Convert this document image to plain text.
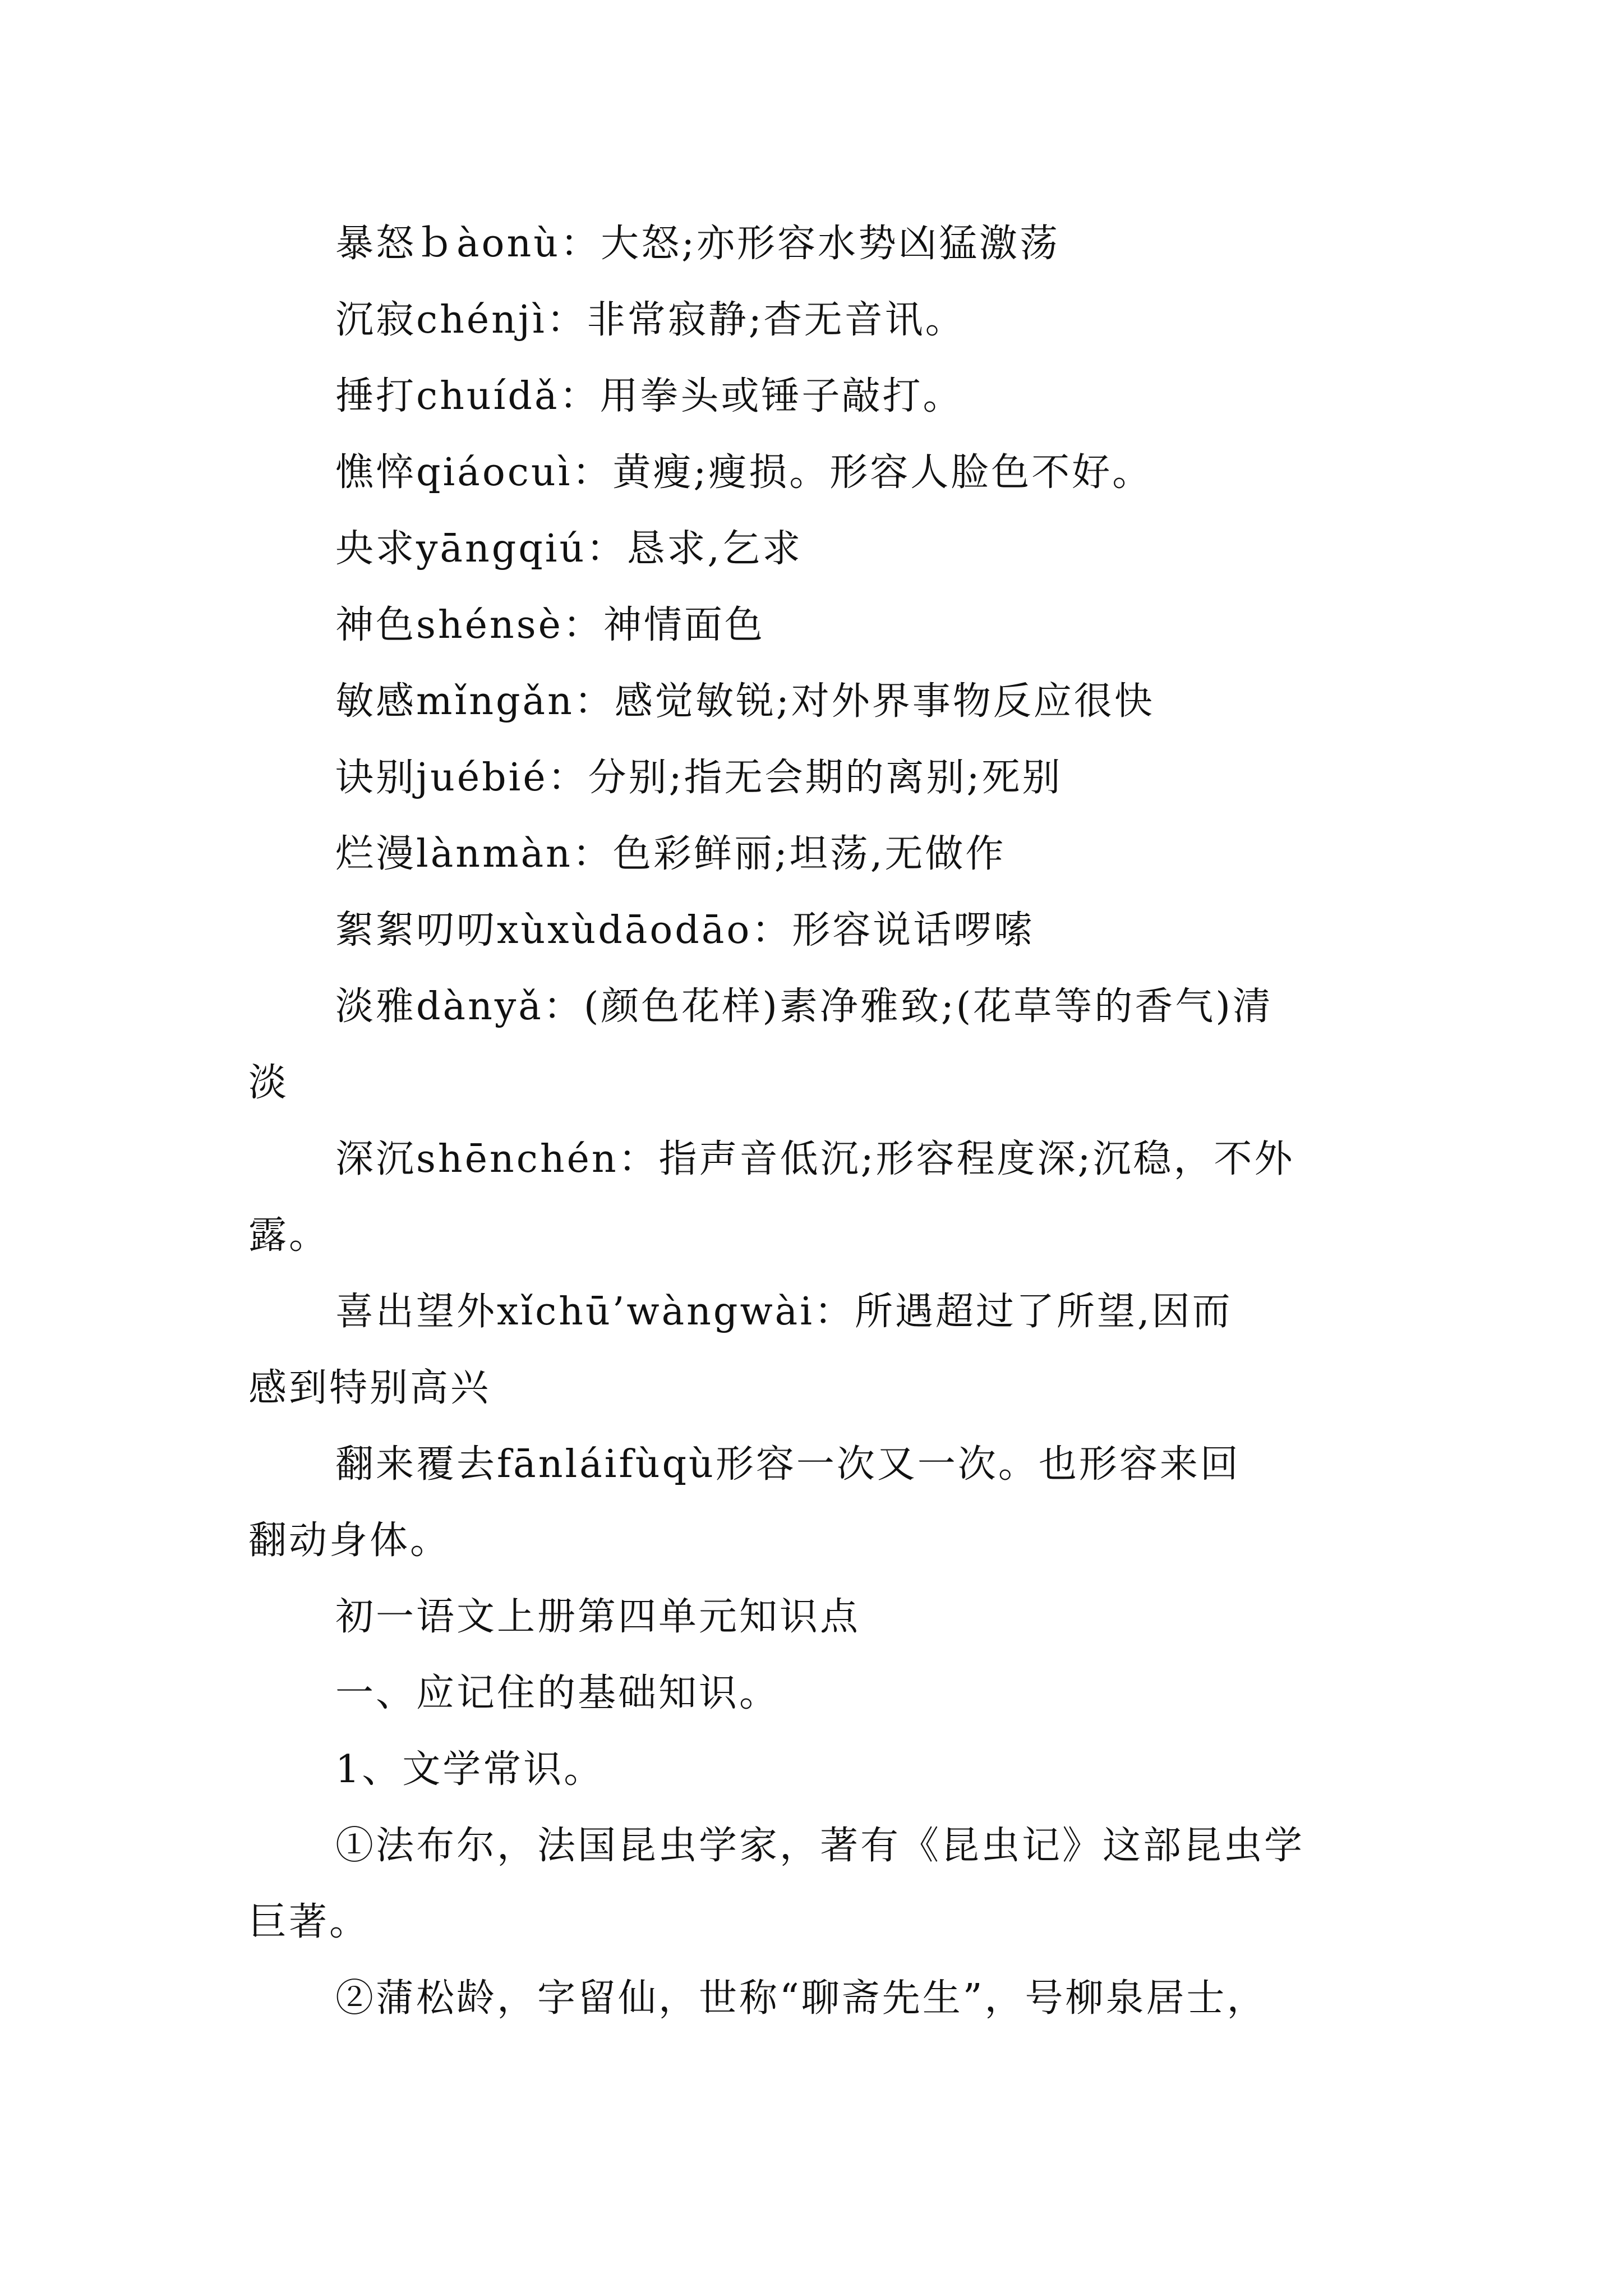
暴怒ｂàonù：大怒;亦形容水势凶猛激荡
沉寂chénjì：非常寂静;杳无音讯。
捶打chuídǎ：用拳头或锤子敲打。
憔悴qiáocuì：黄瘦;瘦损。形容人脸色不好。
央求yāngqiú：恳求,乞求
神色shénsè：神情面色
敏感mǐngǎn：感觉敏锐;对外界事物反应很快
诀别juébié：分别;指无会期的离别;死别
烂漫lànmàn：色彩鲜丽;坦荡,无做作
絮絮叨叨xùxùdāodāo：形容说话啰嗦
淡雅dànyǎ：(颜色花样)素净雅致;(花草等的香气)清
淡
深沉shēnchén：指声音低沉;形容程度深;沉稳，不外
露。
喜出望外xǐchū’wàngwài：所遇超过了所望,因而
感到特别高兴
翻来覆去fānláifùqù形容一次又一次。也形容来回
翻动身体。
初一语文上册第四单元知识点
一、应记住的基础知识。
1、文学常识。
①法布尔，法国昆虫学家，著有《昆虫记》这部昆虫学
巨著。
②蒲松龄，字留仙，世称“聊斋先生”，号柳泉居士，
